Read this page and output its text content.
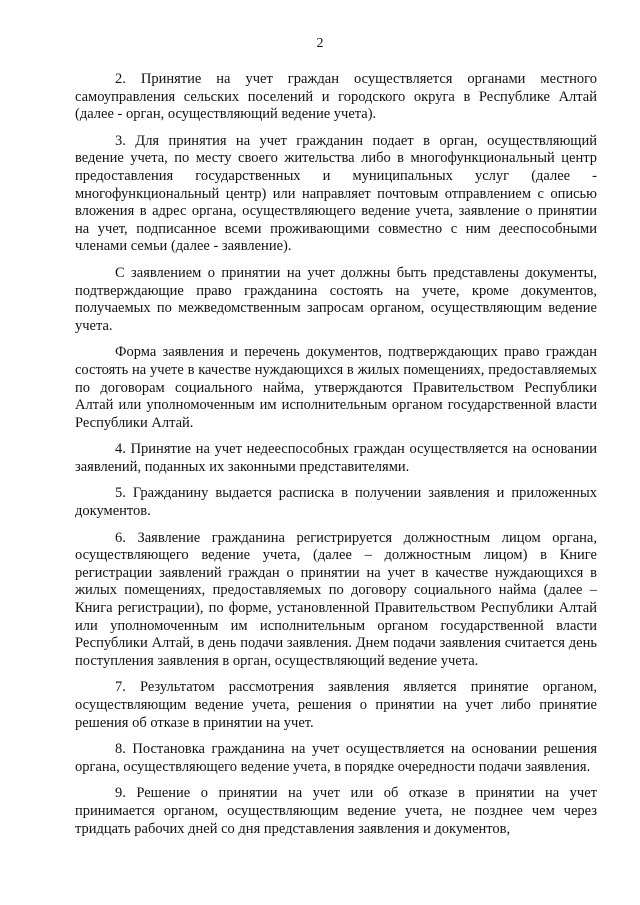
2

2. Принятие на учет граждан осуществляется органами местного самоуправления сельских поселений и городского округа в Республике Алтай (далее - орган, осуществляющий ведение учета).

3. Для принятия на учет гражданин подает в орган, осуществляющий ведение учета, по месту своего жительства либо в многофункциональный центр предоставления государственных и муниципальных услуг (далее - многофункциональный центр) или направляет почтовым отправлением с описью вложения в адрес органа, осуществляющего ведение учета, заявление о принятии на учет, подписанное всеми проживающими совместно с ним дееспособными членами семьи (далее - заявление).

С заявлением о принятии на учет должны быть представлены документы, подтверждающие право гражданина состоять на учете, кроме документов, получаемых по межведомственным запросам органом, осуществляющим ведение учета.

Форма заявления и перечень документов, подтверждающих право граждан состоять на учете в качестве нуждающихся в жилых помещениях, предоставляемых по договорам социального найма, утверждаются Правительством Республики Алтай или уполномоченным им исполнительным органом государственной власти Республики Алтай.

4. Принятие на учет недееспособных граждан осуществляется на основании заявлений, поданных их законными представителями.

5. Гражданину выдается расписка в получении заявления и приложенных документов.

6. Заявление гражданина регистрируется должностным лицом органа, осуществляющего ведение учета, (далее – должностным лицом) в Книге регистрации заявлений граждан о принятии на учет в качестве нуждающихся в жилых помещениях, предоставляемых по договору социального найма (далее – Книга регистрации), по форме, установленной Правительством Республики Алтай или уполномоченным им исполнительным органом государственной власти Республики Алтай, в день подачи заявления. Днем подачи заявления считается день поступления заявления в орган, осуществляющий ведение учета.

7. Результатом рассмотрения заявления является принятие органом, осуществляющим ведение учета, решения о принятии на учет либо принятие решения об отказе в принятии на учет.

8. Постановка гражданина на учет осуществляется на основании решения органа, осуществляющего ведение учета, в порядке очередности подачи заявления.

9. Решение о принятии на учет или об отказе в принятии на учет принимается органом, осуществляющим ведение учета, не позднее чем через тридцать рабочих дней со дня представления заявления и документов,
